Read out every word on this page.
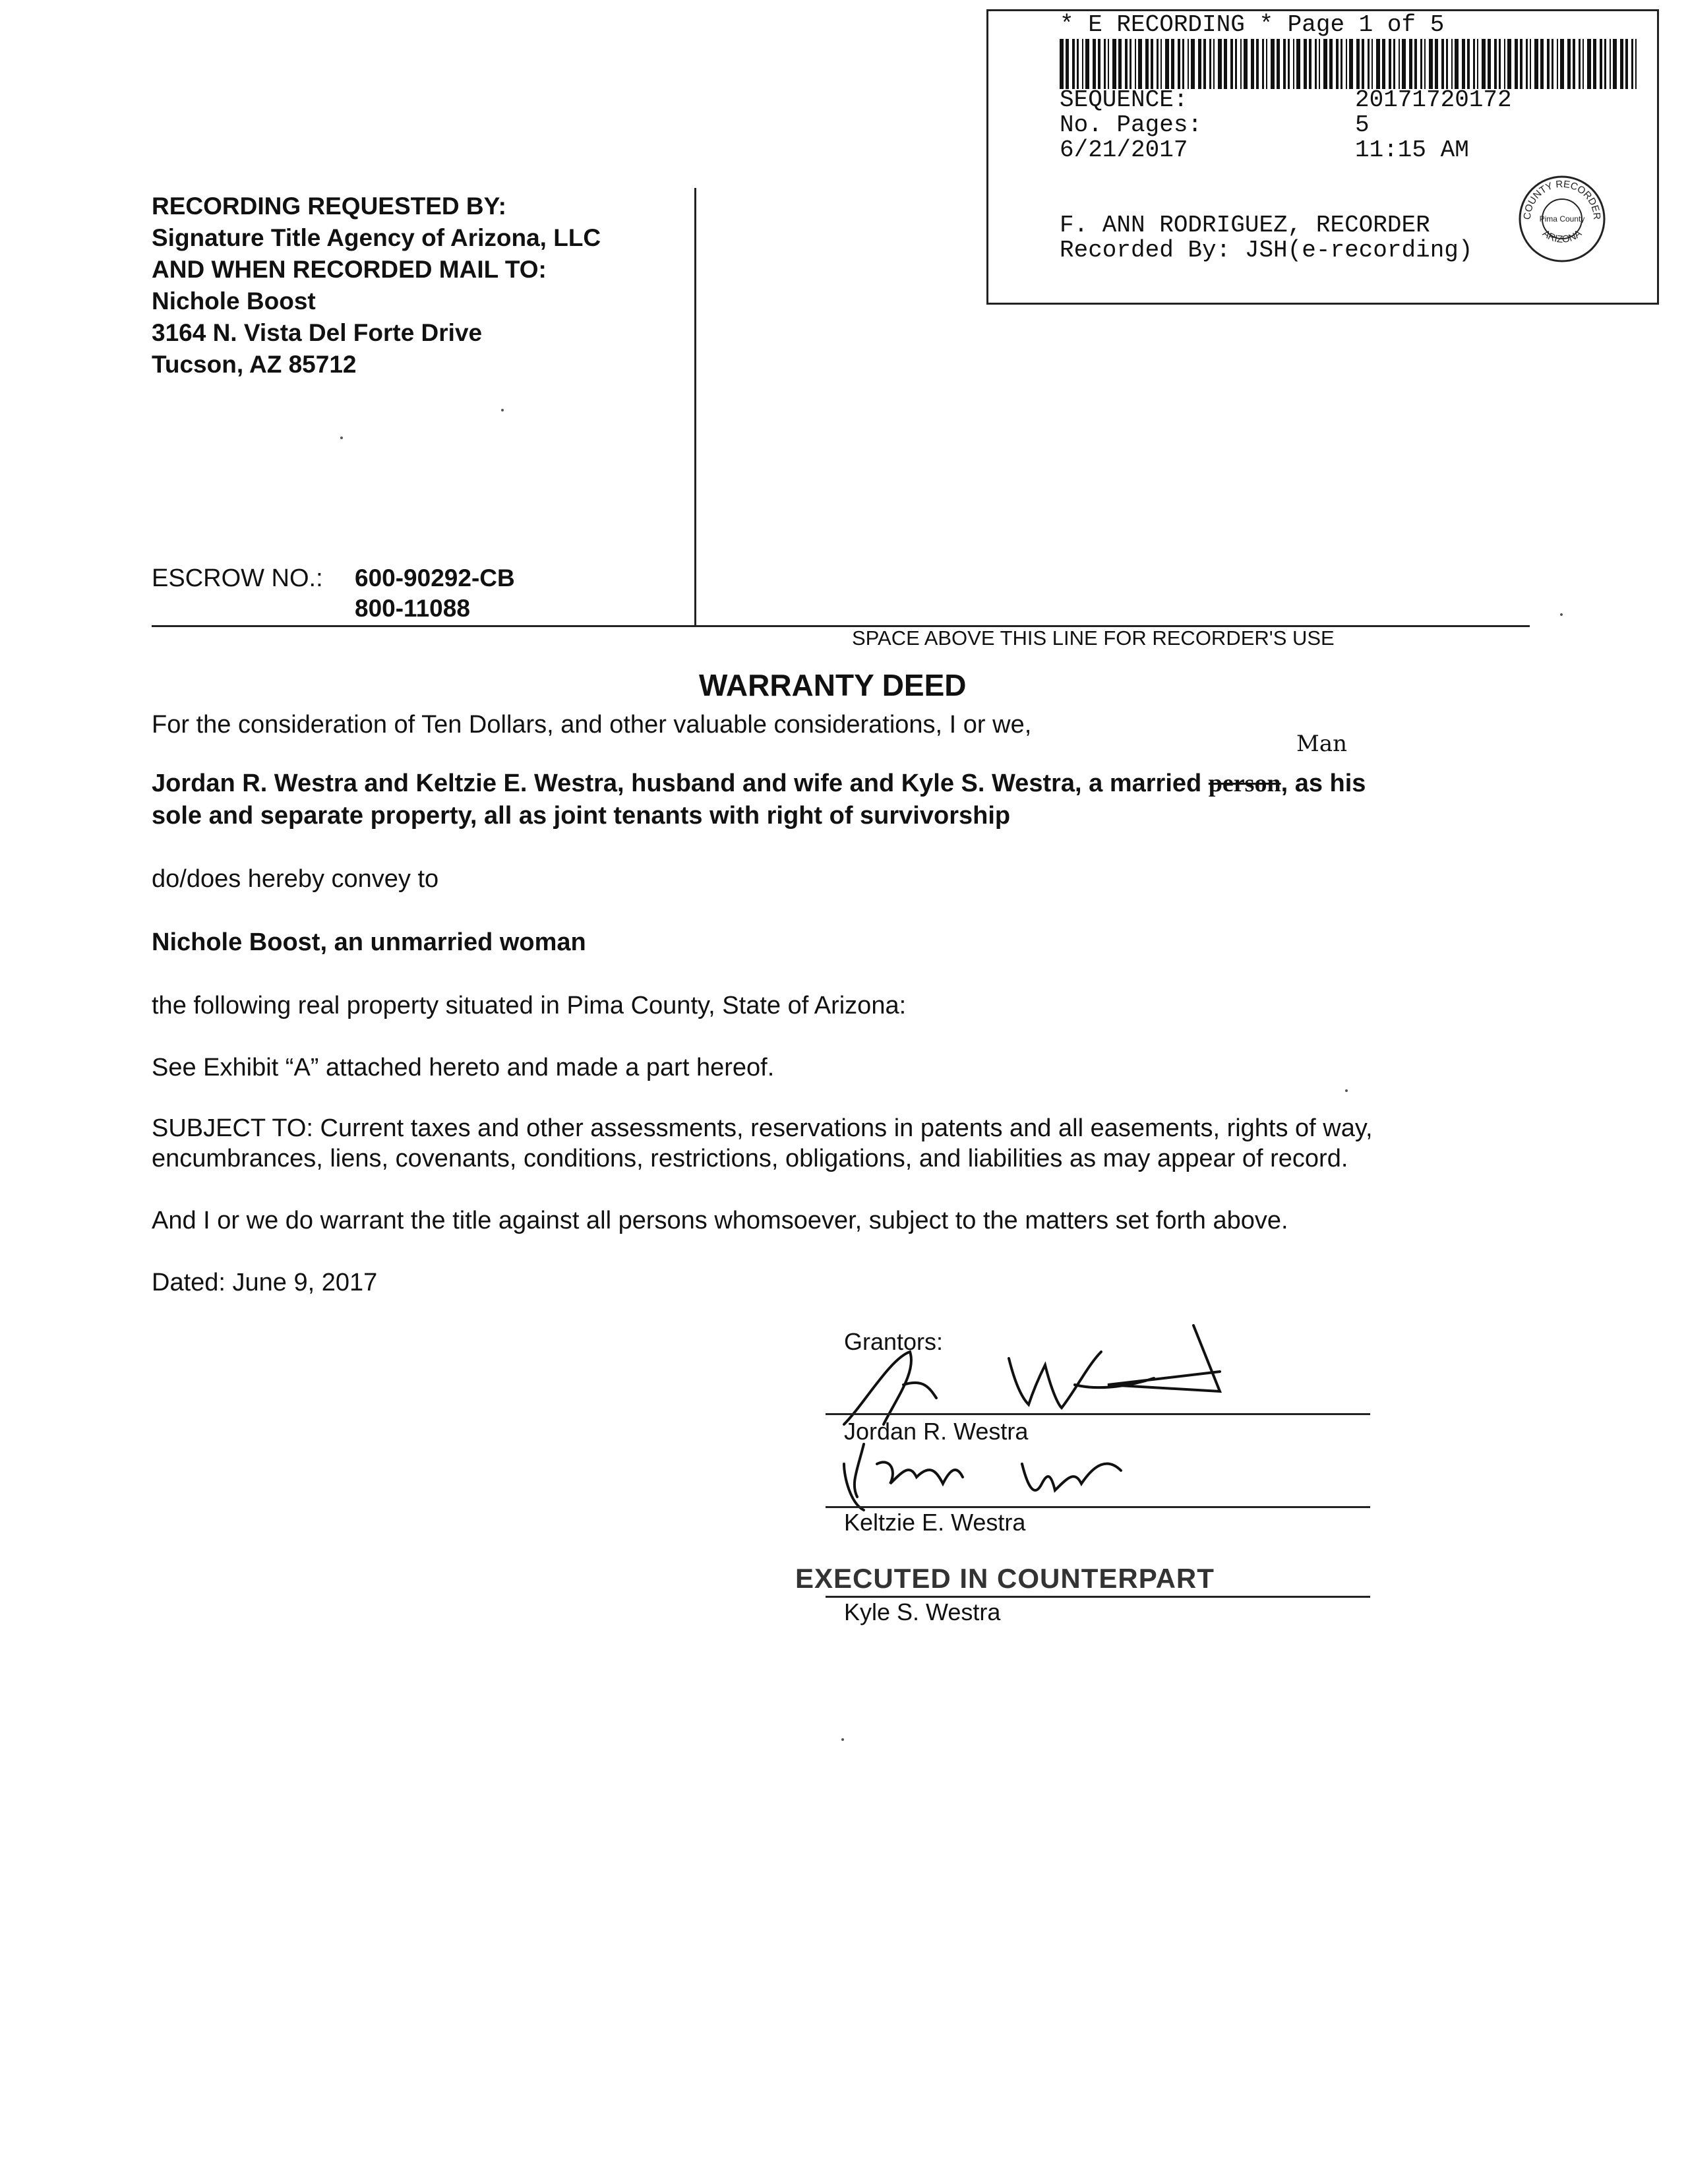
* E RECORDING * Page 1 of 5
SEQUENCE:	20171720172
No. Pages:	5
6/21/2017	11:15 AM
F. ANN RODRIGUEZ, RECORDER
Recorded By: JSH(e-recording)
COUNTY RECORDER
Pima County
ARIZONA
RECORDING REQUESTED BY:
Signature Title Agency of Arizona, LLC
AND WHEN RECORDED MAIL TO:
Nichole Boost
3164 N. Vista Del Forte Drive
Tucson, AZ 85712
ESCROW NO.: 600-90292-CB
800-11088
SPACE ABOVE THIS LINE FOR RECORDER'S USE
WARRANTY DEED
For the consideration of Ten Dollars, and other valuable considerations, I or we,
Man
Jordan R. Westra and Keltzie E. Westra, husband and wife and Kyle S. Westra, a married person, as his
sole and separate property, all as joint tenants with right of survivorship
do/does hereby convey to
Nichole Boost, an unmarried woman
the following real property situated in Pima County, State of Arizona:
See Exhibit “A” attached hereto and made a part hereof.
SUBJECT TO: Current taxes and other assessments, reservations in patents and all easements, rights of way,
encumbrances, liens, covenants, conditions, restrictions, obligations, and liabilities as may appear of record.
And I or we do warrant the title against all persons whomsoever, subject to the matters set forth above.
Dated: June 9, 2017
Grantors:
Jordan R. Westra
Keltzie E. Westra
EXECUTED IN COUNTERPART
Kyle S. Westra
